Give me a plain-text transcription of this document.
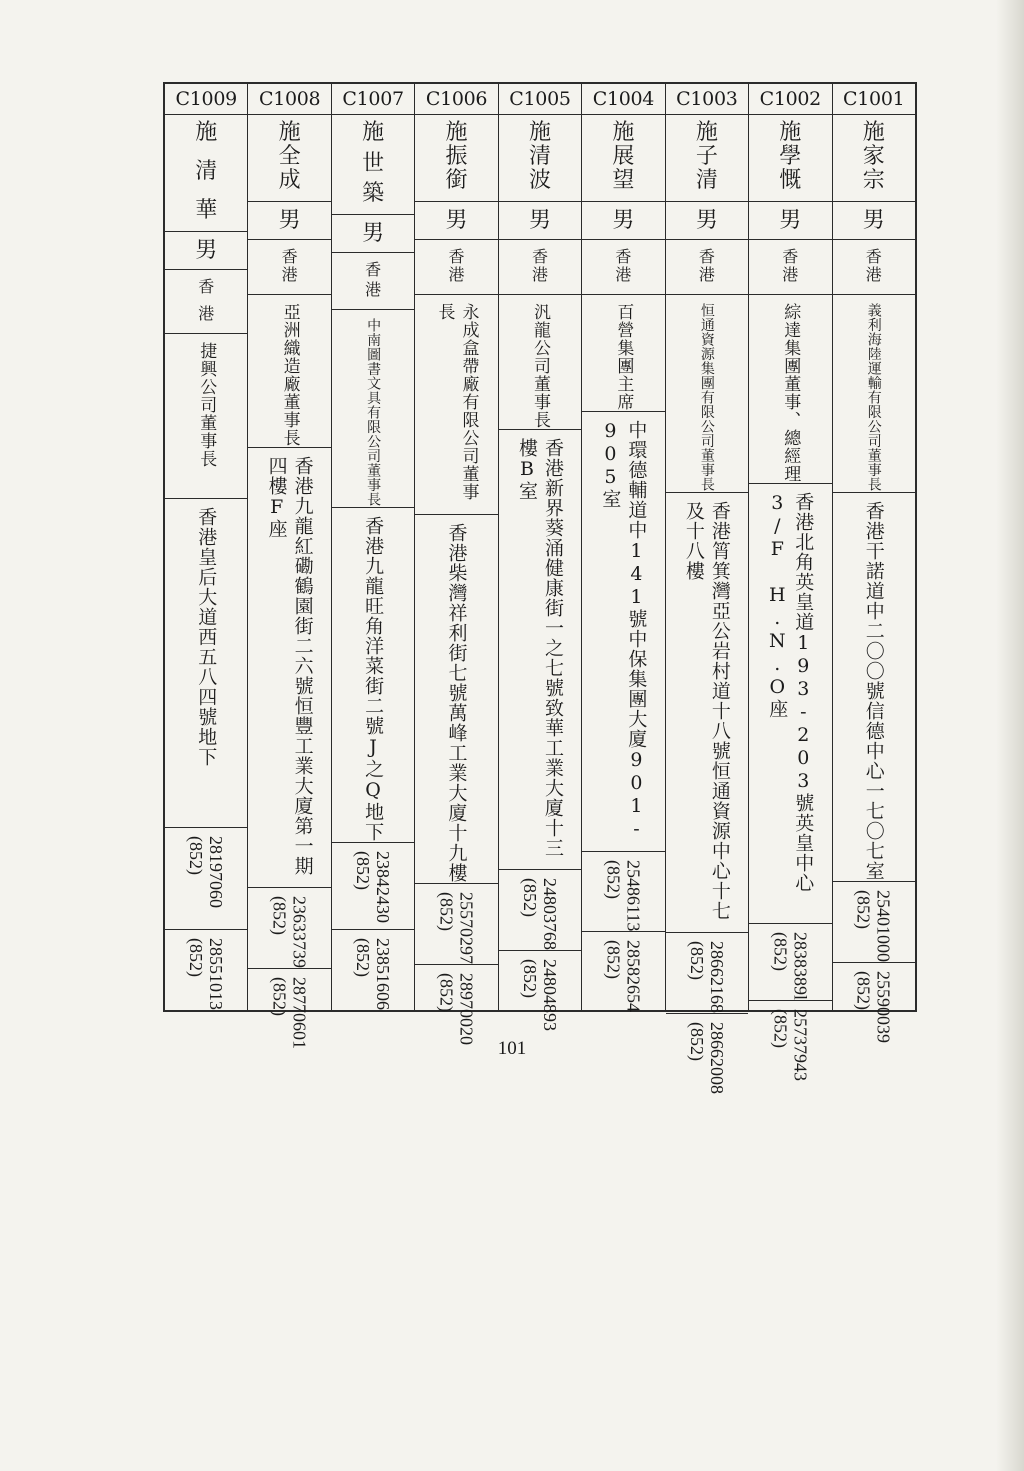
C1009
施
清
華
男
香
港
捷興公司董事長
香港皇后大道西五八四號地下
(852) 28197060
(852) 28551013
C1008
施
全
成
男
香
港
亞洲織造廠董事長
香港九龍紅磡鶴園街二六號恒豐工業大廈第一期四樓F座
(852) 23633739
(852) 28770601
C1007
施
世
築
男
香
港
中南圖書文具有限公司董事長
香港九龍旺角洋菜街二號J之Q地下
(852) 23842430
(852) 23851606
C1006
施
振
銜
男
香
港
永成盒帶廠有限公司董事長
香港柴灣祥利街七號萬峰工業大廈十九樓
(852) 25570297
(852) 28970020
C1005
施
清
波
男
香
港
汎龍公司董事長
香港新界葵涌健康街一之七號致華工業大廈十三樓B室
(852) 24803768
(852) 24804893
C1004
施
展
望
男
香
港
百營集團主席
中環德輔道中141號中保集團大廈901-905室
(852) 25486113
(852) 28582654
C1003
施
子
清
男
香
港
恒通資源集團有限公司董事長
香港筲箕灣亞公岩村道十八號恒通資源中心十七及十八樓
(852) 28662168
(852) 28662008
C1002
施
學
慨
男
香
港
綜達集團董事、總經理
香港北角英皇道193-203號英皇中心3/F H.N.O座
(852) 2838389l
(852) 25737943
C1001
施
家
宗
男
香
港
義利海陸運輸有限公司董事長
香港干諾道中二〇〇號信德中心一七〇七室
(852) 25401000
(852) 25590039
101
